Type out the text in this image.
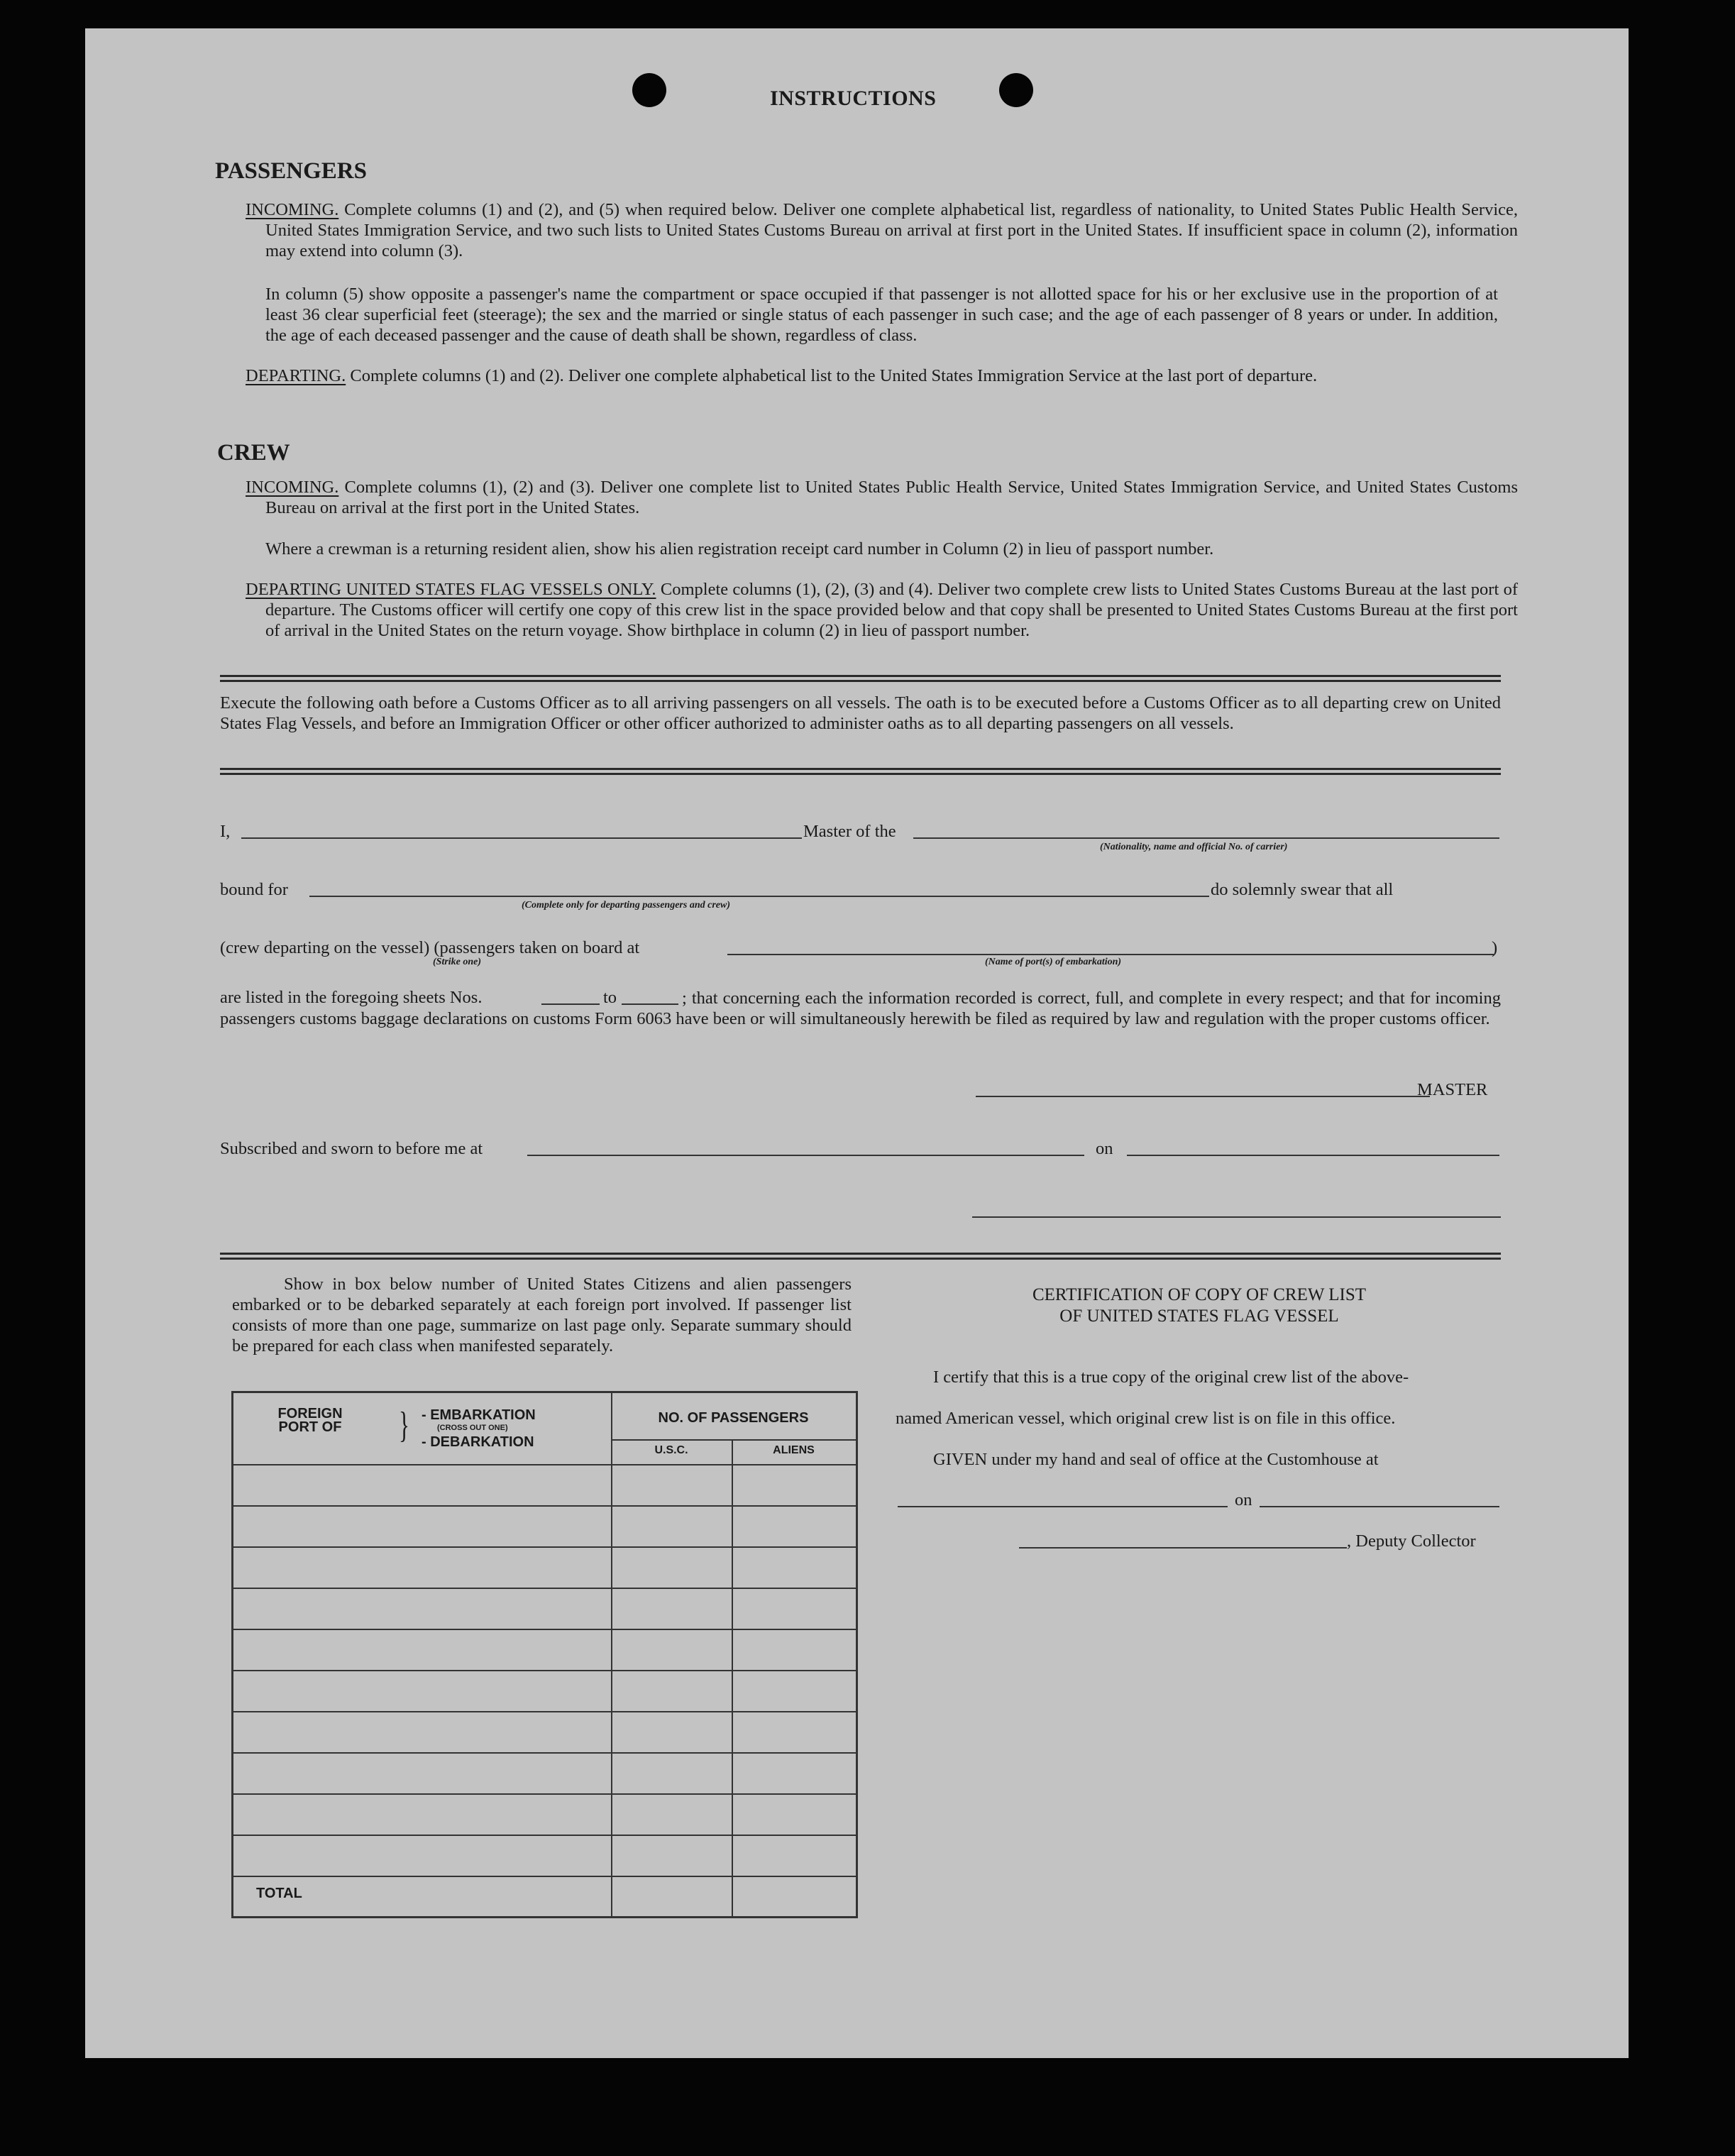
INSTRUCTIONS
PASSENGERS
INCOMING. Complete columns (1) and (2), and (5) when required below. Deliver one complete alphabetical list, regardless of nationality, to United States Public Health Service, United States Immigration Service, and two such lists to United States Customs Bureau on arrival at first port in the United States. If insufficient space in column (2), information may extend into column (3).
In column (5) show opposite a passenger's name the compartment or space occupied if that passenger is not allotted space for his or her exclusive use in the proportion of at least 36 clear superficial feet (steerage); the sex and the married or single status of each passenger in such case; and the age of each passenger of 8 years or under. In addition, the age of each deceased passenger and the cause of death shall be shown, regardless of class.
DEPARTING. Complete columns (1) and (2). Deliver one complete alphabetical list to the United States Immigration Service at the last port of departure.
CREW
INCOMING. Complete columns (1), (2) and (3). Deliver one complete list to United States Public Health Service, United States Immigration Service, and United States Customs Bureau on arrival at the first port in the United States.
Where a crewman is a returning resident alien, show his alien registration receipt card number in Column (2) in lieu of passport number.
DEPARTING UNITED STATES FLAG VESSELS ONLY. Complete columns (1), (2), (3) and (4). Deliver two complete crew lists to United States Customs Bureau at the last port of departure. The Customs officer will certify one copy of this crew list in the space provided below and that copy shall be presented to United States Customs Bureau at the first port of arrival in the United States on the return voyage. Show birthplace in column (2) in lieu of passport number.
Execute the following oath before a Customs Officer as to all arriving passengers on all vessels. The oath is to be executed before a Customs Officer as to all departing crew on United States Flag Vessels, and before an Immigration Officer or other officer authorized to administer oaths as to all departing passengers on all vessels.
I,	Master of the
(Nationality, name and official No. of carrier)
bound for
(Complete only for departing passengers and crew)
do solemnly swear that all
(crew departing on the vessel) (passengers taken on board at	)
(Strike one)	(Name of port(s) of embarkation)
are listed in the foregoing sheets Nos.	to	; that concerning each the information recorded is correct, full, and complete in every respect; and that for incoming passengers customs baggage declarations on customs Form 6063 have been or will simultaneously herewith be filed as required by law and regulation with the proper customs officer.
MASTER
Subscribed and sworn to before me at	on
Show in box below number of United States Citizens and alien passengers embarked or to be debarked separately at each foreign port involved. If passenger list consists of more than one page, summarize on last page only. Separate summary should be prepared for each class when manifested separately.
FOREIGN PORT OF } - EMBARKATION
(CROSS OUT ONE)
- DEBARKATION
NO. OF PASSENGERS
U.S.C.	ALIENS
TOTAL
CERTIFICATION OF COPY OF CREW LIST
OF UNITED STATES FLAG VESSEL
I certify that this is a true copy of the original crew list of the above-
named American vessel, which original crew list is on file in this office.
GIVEN under my hand and seal of office at the Customhouse at
on
, Deputy Collector
